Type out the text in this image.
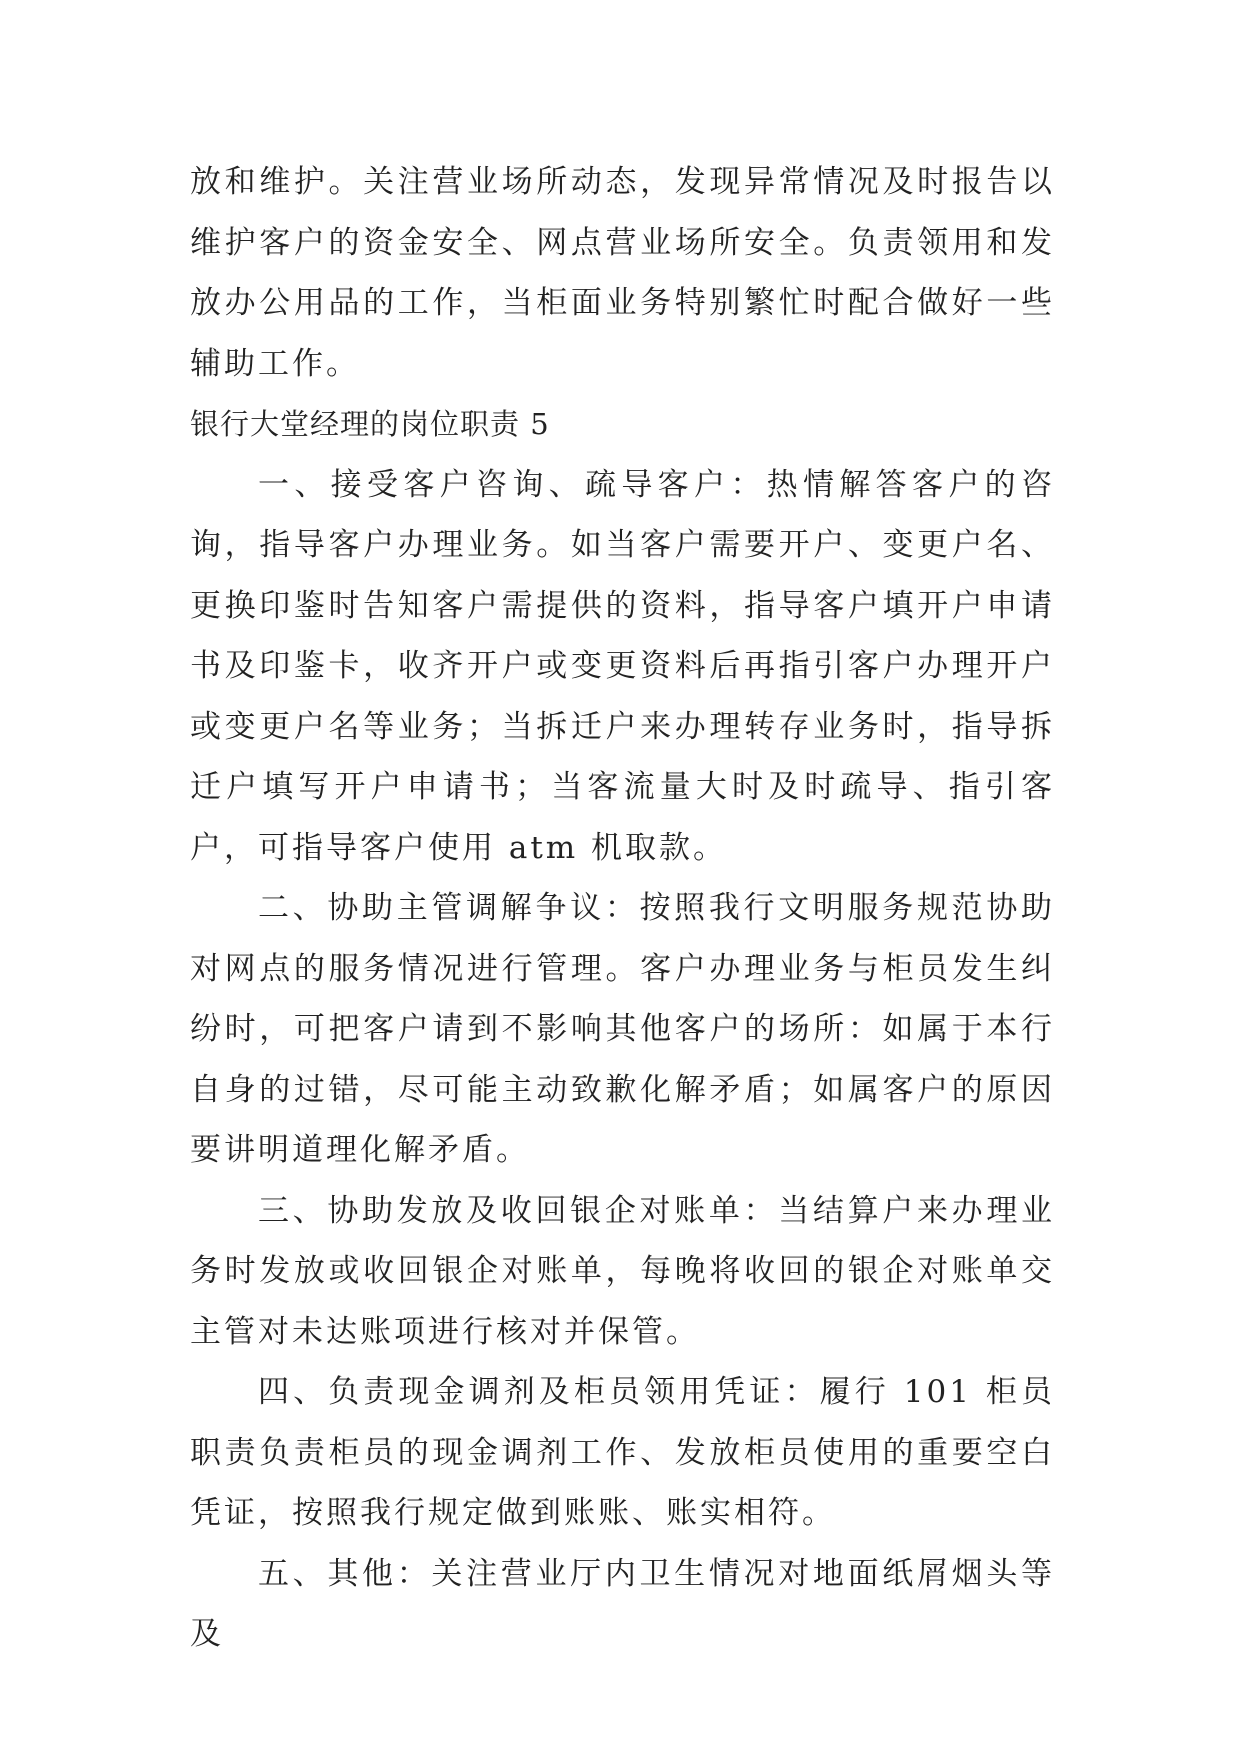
放和维护。关注营业场所动态，发现异常情况及时报告以维护客户的资金安全、网点营业场所安全。负责领用和发放办公用品的工作，当柜面业务特别繁忙时配合做好一些辅助工作。

银行大堂经理的岗位职责 5

一、接受客户咨询、疏导客户：热情解答客户的咨询，指导客户办理业务。如当客户需要开户、变更户名、更换印鉴时告知客户需提供的资料，指导客户填开户申请书及印鉴卡，收齐开户或变更资料后再指引客户办理开户或变更户名等业务；当拆迁户来办理转存业务时，指导拆迁户填写开户申请书；当客流量大时及时疏导、指引客户，可指导客户使用 atm 机取款。

二、协助主管调解争议：按照我行文明服务规范协助对网点的服务情况进行管理。客户办理业务与柜员发生纠纷时，可把客户请到不影响其他客户的场所：如属于本行自身的过错，尽可能主动致歉化解矛盾；如属客户的原因要讲明道理化解矛盾。

三、协助发放及收回银企对账单：当结算户来办理业务时发放或收回银企对账单，每晚将收回的银企对账单交主管对未达账项进行核对并保管。

四、负责现金调剂及柜员领用凭证：履行 101 柜员职责负责柜员的现金调剂工作、发放柜员使用的重要空白凭证，按照我行规定做到账账、账实相符。

五、其他：关注营业厅内卫生情况对地面纸屑烟头等及
